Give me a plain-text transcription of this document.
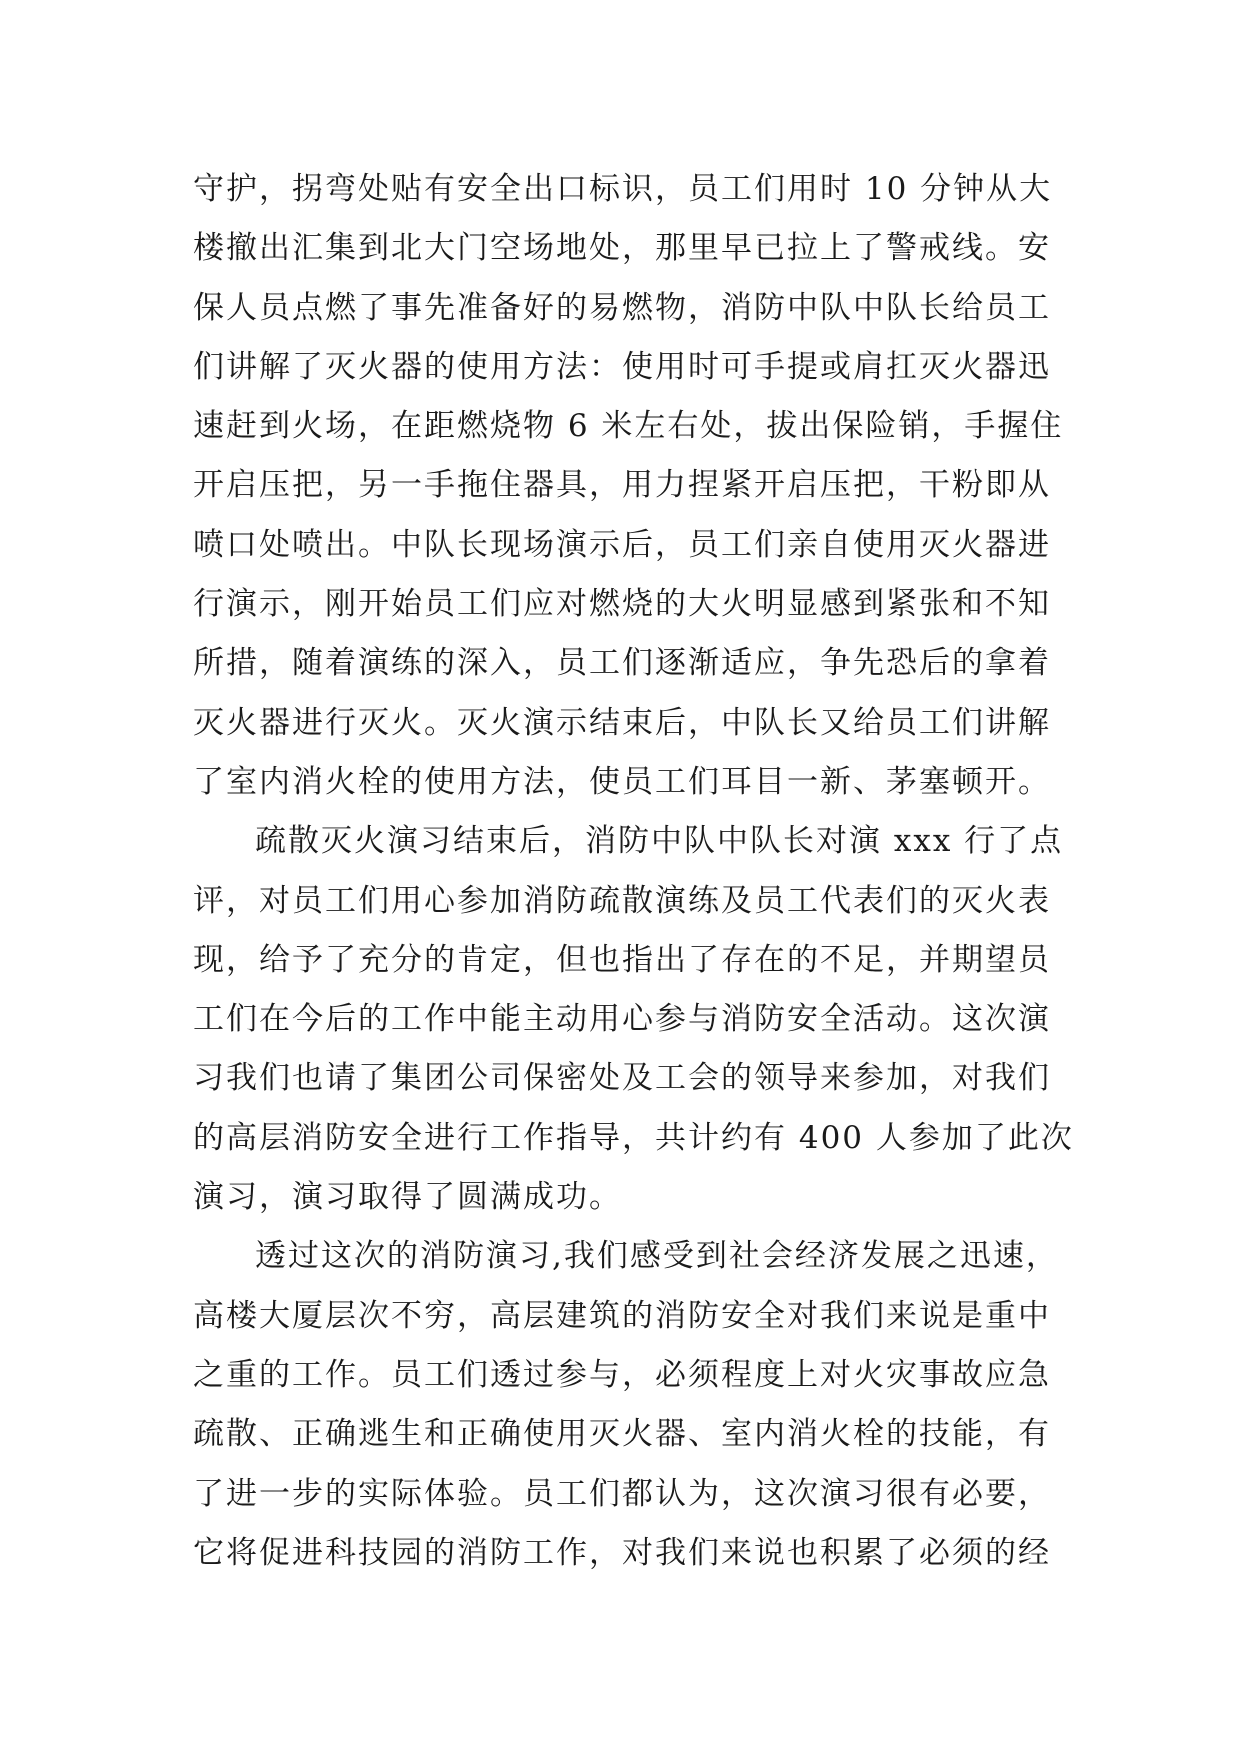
守护，拐弯处贴有安全出口标识，员工们用时 10 分钟从大
楼撤出汇集到北大门空场地处，那里早已拉上了警戒线。安
保人员点燃了事先准备好的易燃物，消防中队中队长给员工
们讲解了灭火器的使用方法：使用时可手提或肩扛灭火器迅
速赶到火场，在距燃烧物 6 米左右处，拔出保险销，手握住
开启压把，另一手拖住器具，用力捏紧开启压把，干粉即从
喷口处喷出。中队长现场演示后，员工们亲自使用灭火器进
行演示，刚开始员工们应对燃烧的大火明显感到紧张和不知
所措，随着演练的深入，员工们逐渐适应，争先恐后的拿着
灭火器进行灭火。灭火演示结束后，中队长又给员工们讲解
了室内消火栓的使用方法，使员工们耳目一新、茅塞顿开。
疏散灭火演习结束后，消防中队中队长对演 xxx 行了点
评，对员工们用心参加消防疏散演练及员工代表们的灭火表
现，给予了充分的肯定，但也指出了存在的不足，并期望员
工们在今后的工作中能主动用心参与消防安全活动。这次演
习我们也请了集团公司保密处及工会的领导来参加，对我们
的高层消防安全进行工作指导，共计约有 400 人参加了此次
演习，演习取得了圆满成功。
透过这次的消防演习,我们感受到社会经济发展之迅速，
高楼大厦层次不穷，高层建筑的消防安全对我们来说是重中
之重的工作。员工们透过参与，必须程度上对火灾事故应急
疏散、正确逃生和正确使用灭火器、室内消火栓的技能，有
了进一步的实际体验。员工们都认为，这次演习很有必要，
它将促进科技园的消防工作，对我们来说也积累了必须的经
